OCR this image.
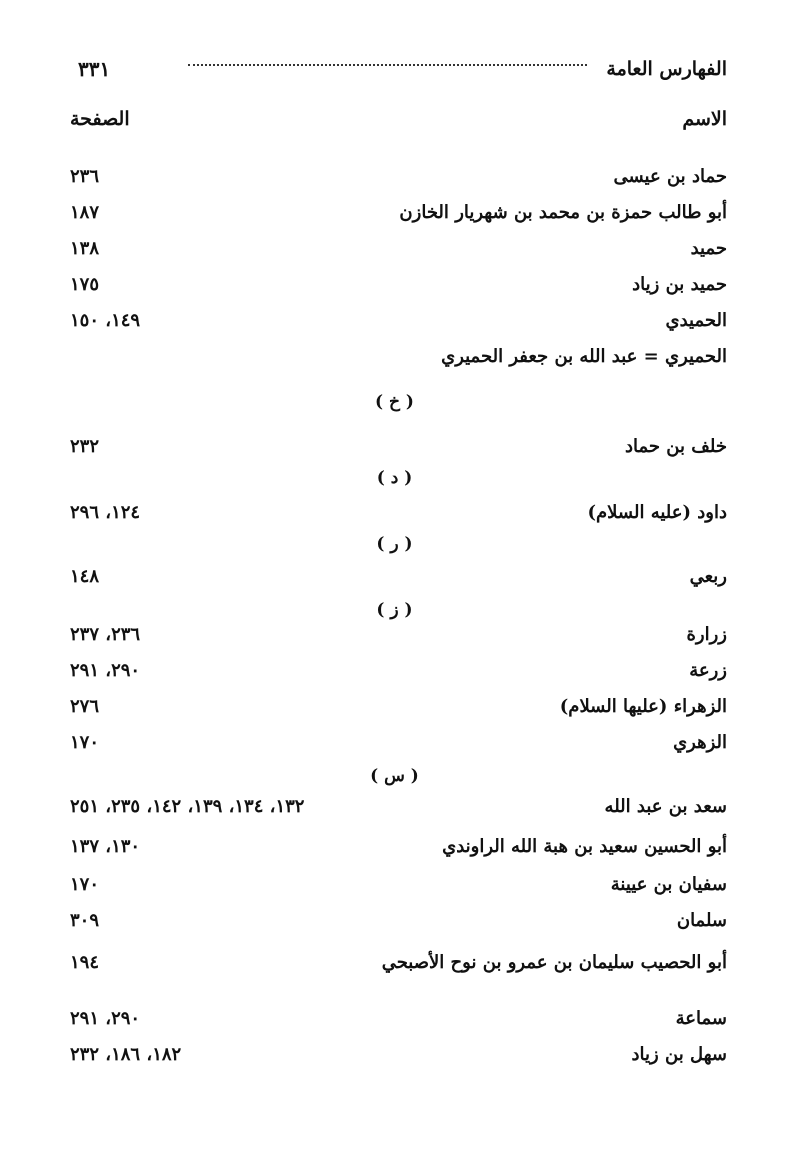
٣٣١	الفهارس العامة
الاسم
الصفحة
حماد بن عيسى
٢٣٦
أبو طالب حمزة بن محمد بن شهريار الخازن
١٨٧
حميد
١٣٨
حميد بن زياد
١٧٥
الحميدي
١٤٩، ١٥٠
الحميري = عبد الله بن جعفر الحميري
( خ )
خلف بن حماد
٢٣٢
( د )
داود (عليه السلام)
١٢٤، ٢٩٦
( ر )
ربعي
١٤٨
( ز )
زرارة
٢٣٦، ٢٣٧
زرعة
٢٩٠، ٢٩١
الزهراء (عليها السلام)
٢٧٦
الزهري
١٧٠
( س )
سعد بن عبد الله
١٣٢، ١٣٤، ١٣٩، ١٤٢، ٢٣٥، ٢٥١
أبو الحسين سعيد بن هبة الله الراوندي
١٣٠، ١٣٧
سفيان بن عيينة
١٧٠
سلمان
٣٠٩
أبو الحصيب سليمان بن عمرو بن نوح الأصبحي
١٩٤
سماعة
٢٩٠، ٢٩١
سهل بن زياد
١٨٢، ١٨٦، ٢٣٢
